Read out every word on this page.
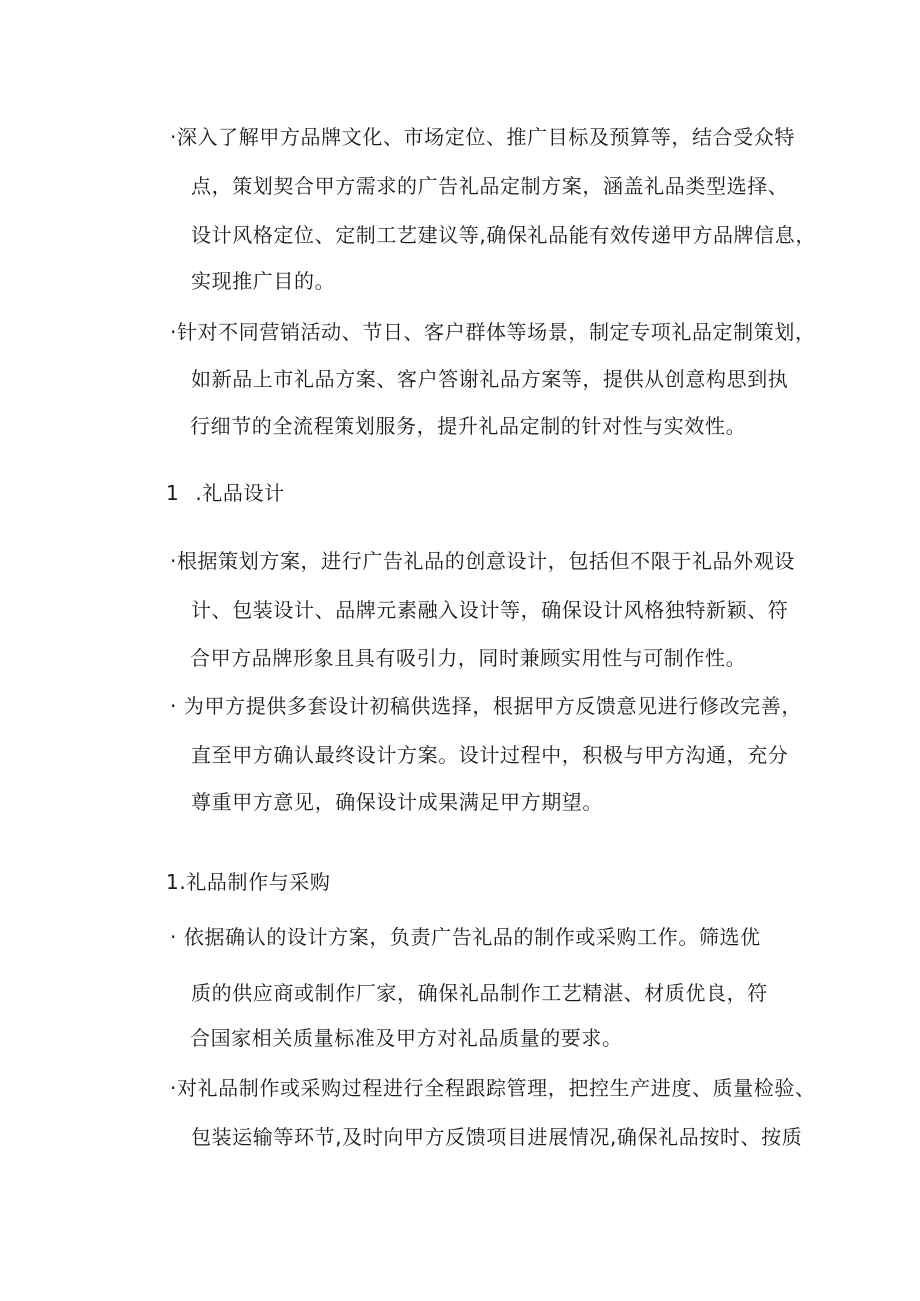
·深入了解甲方品牌文化、市场定位、推广目标及预算等，结合受众特
点，策划契合甲方需求的广告礼品定制方案，涵盖礼品类型选择、
设计风格定位、定制工艺建议等,确保礼品能有效传递甲方品牌信息，
实现推广目的。
·针对不同营销活动、节日、客户群体等场景，制定专项礼品定制策划，
如新品上市礼品方案、客户答谢礼品方案等，提供从创意构思到执
行细节的全流程策划服务，提升礼品定制的针对性与实效性。
1 .礼品设计
·根据策划方案，进行广告礼品的创意设计，包括但不限于礼品外观设
计、包装设计、品牌元素融入设计等，确保设计风格独特新颖、符
合甲方品牌形象且具有吸引力，同时兼顾实用性与可制作性。
· 为甲方提供多套设计初稿供选择，根据甲方反馈意见进行修改完善，
直至甲方确认最终设计方案。设计过程中，积极与甲方沟通，充分
尊重甲方意见，确保设计成果满足甲方期望。
1.礼品制作与采购
· 依据确认的设计方案，负责广告礼品的制作或采购工作。筛选优
质的供应商或制作厂家，确保礼品制作工艺精湛、材质优良，符
合国家相关质量标准及甲方对礼品质量的要求。
·对礼品制作或采购过程进行全程跟踪管理，把控生产进度、质量检验、
包装运输等环节,及时向甲方反馈项目进展情况,确保礼品按时、按质
